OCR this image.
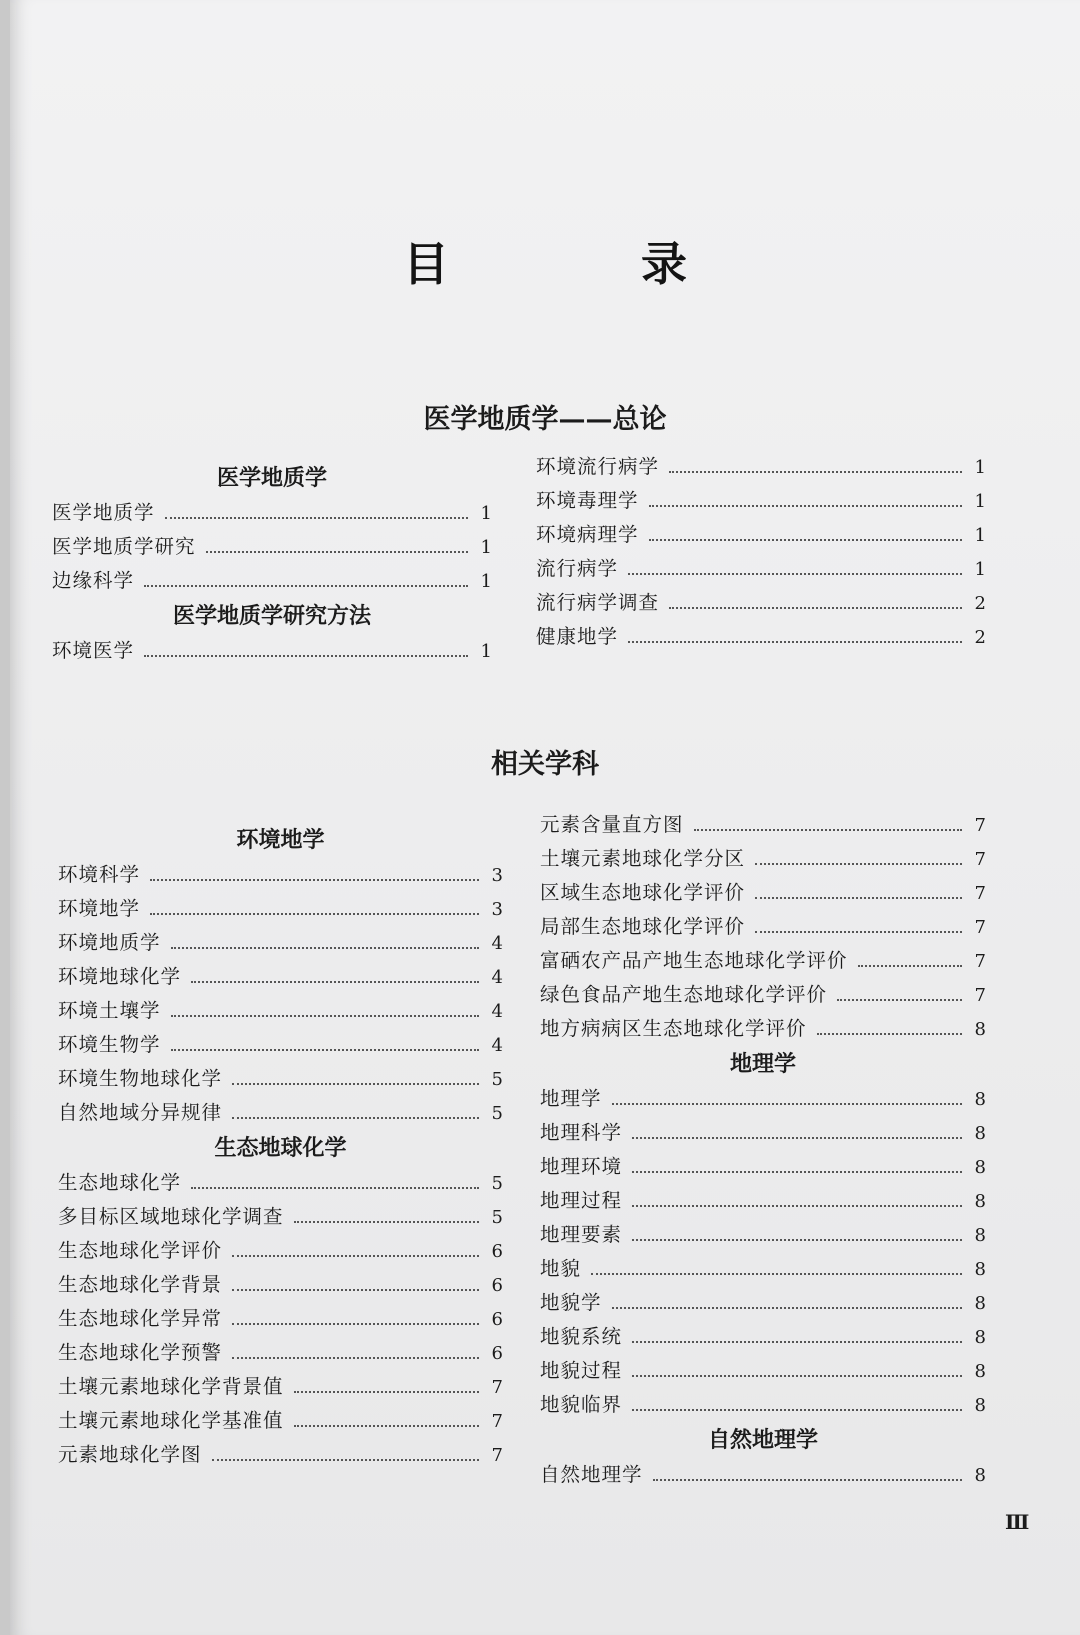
目 录
医学地质学——总论
医学地质学
医学地质学	1
医学地质学研究	1
边缘科学	1
医学地质学研究方法
环境医学	1
环境流行病学	1
环境毒理学	1
环境病理学	1
流行病学	1
流行病学调查	2
健康地学	2
相关学科
环境地学
环境科学	3
环境地学	3
环境地质学	4
环境地球化学	4
环境土壤学	4
环境生物学	4
环境生物地球化学	5
自然地域分异规律	5
生态地球化学
生态地球化学	5
多目标区域地球化学调查	5
生态地球化学评价	6
生态地球化学背景	6
生态地球化学异常	6
生态地球化学预警	6
土壤元素地球化学背景值	7
土壤元素地球化学基准值	7
元素地球化学图	7
元素含量直方图	7
土壤元素地球化学分区	7
区域生态地球化学评价	7
局部生态地球化学评价	7
富硒农产品产地生态地球化学评价	7
绿色食品产地生态地球化学评价	7
地方病病区生态地球化学评价	8
地理学
地理学	8
地理科学	8
地理环境	8
地理过程	8
地理要素	8
地貌	8
地貌学	8
地貌系统	8
地貌过程	8
地貌临界	8
自然地理学
自然地理学	8
Ⅲ
